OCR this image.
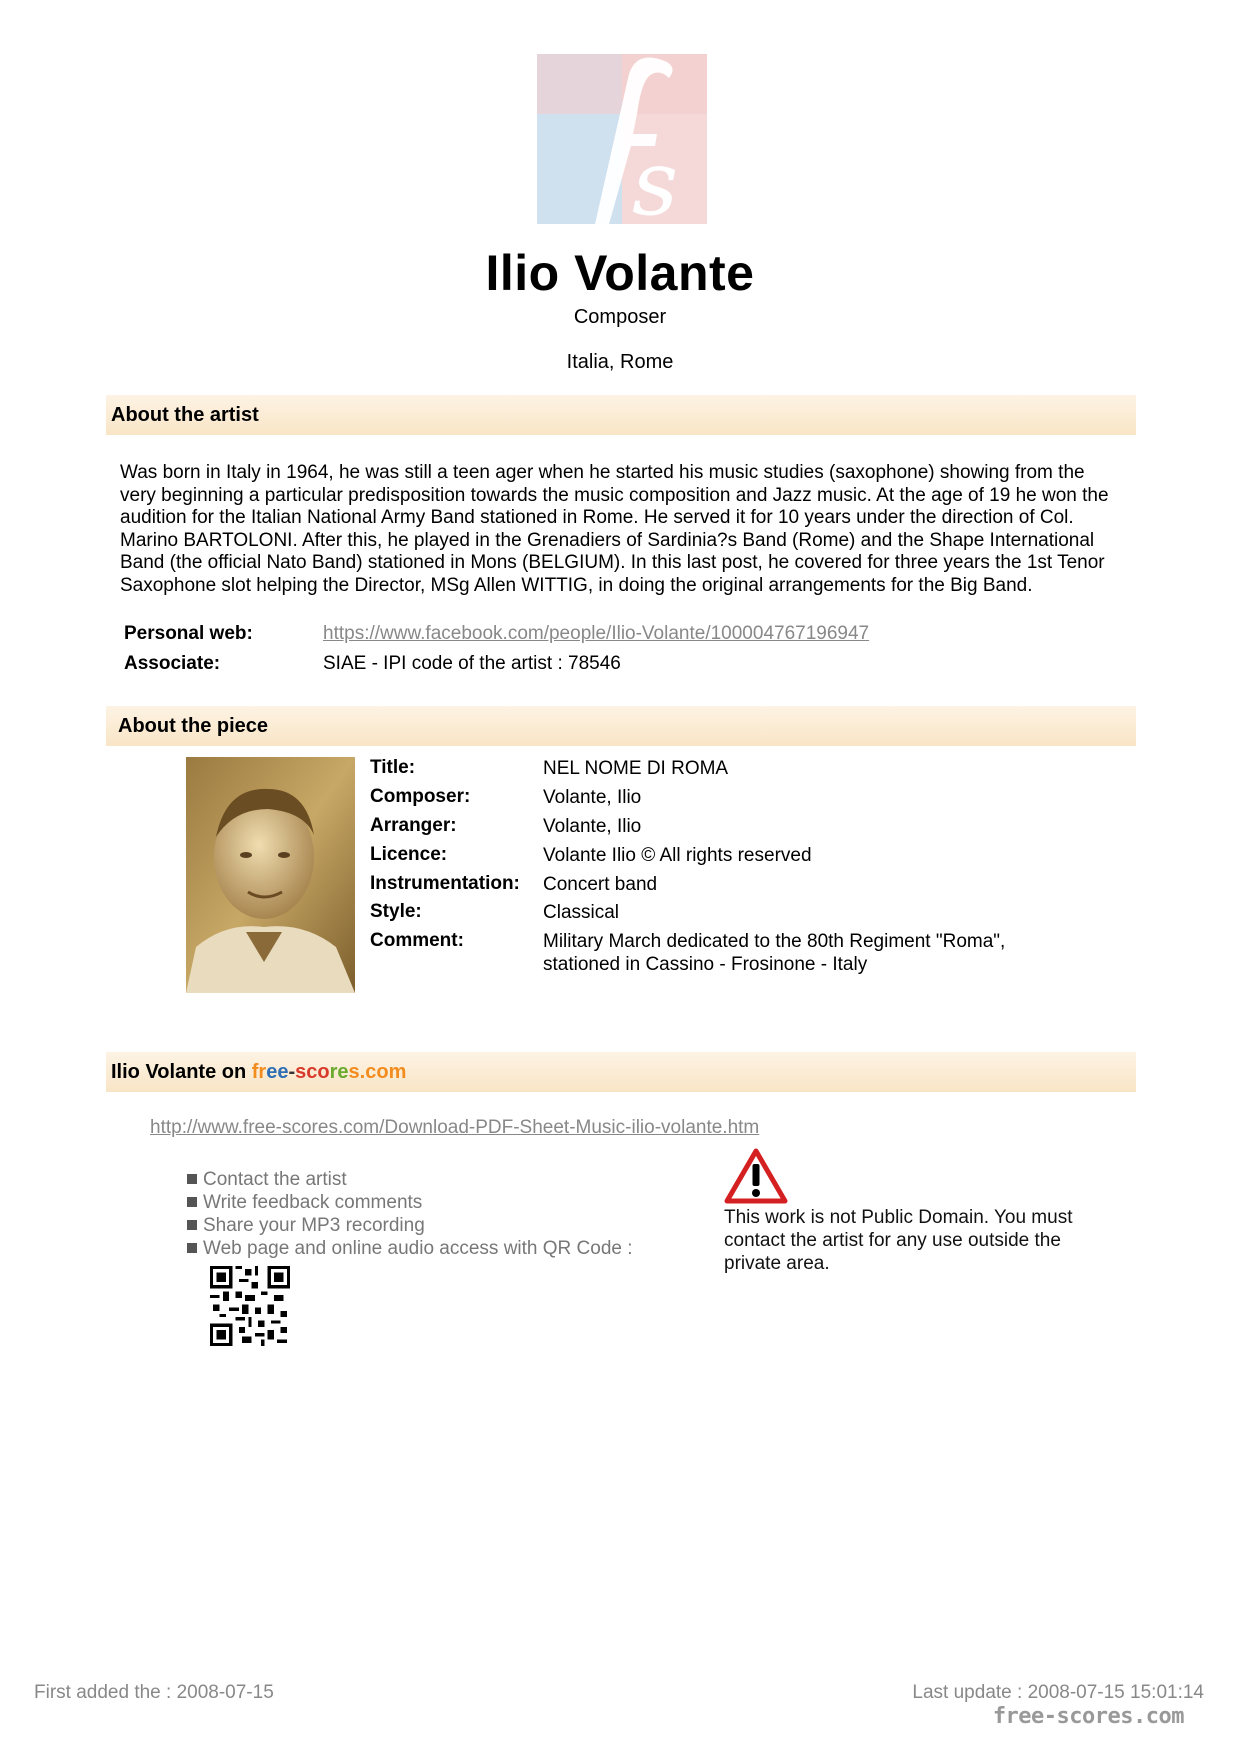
s
Ilio Volante
Composer
Italia, Rome
About the artist
Was born in Italy in 1964, he was still a teen ager when he started his music studies (saxophone) showing from the very beginning a particular predisposition towards the music composition and Jazz music. At the age of 19 he won the audition for the Italian National Army Band stationed in Rome. He served it for 10 years under the direction of Col. Marino BARTOLONI. After this, he played in the Grenadiers of Sardinia?s Band (Rome) and the Shape International Band (the official Nato Band) stationed in Mons (BELGIUM). In this last post, he covered for three years the 1st Tenor Saxophone slot helping the Director, MSg Allen WITTIG, in doing the original arrangements for the Big Band.
Personal web:	https://www.facebook.com/people/Ilio-Volante/100004767196947
Associate:	SIAE - IPI code of the artist : 78546
About the piece
Title:	NEL NOME DI ROMA
Composer:	Volante, Ilio
Arranger:	Volante, Ilio
Licence:	Volante Ilio © All rights reserved
Instrumentation: Concert band
Style:	Classical
Comment:	Military March dedicated to the 80th Regiment "Roma", stationed in Cassino - Frosinone - Italy
Ilio Volante on free-scores.com
http://www.free-scores.com/Download-PDF-Sheet-Music-ilio-volante.htm
Contact the artist
Write feedback comments
Share your MP3 recording
Web page and online audio access with QR Code :
This work is not Public Domain. You must contact the artist for any use outside the private area.
First added the : 2008-07-15	Last update : 2008-07-15 15:01:14
free-scores.com
